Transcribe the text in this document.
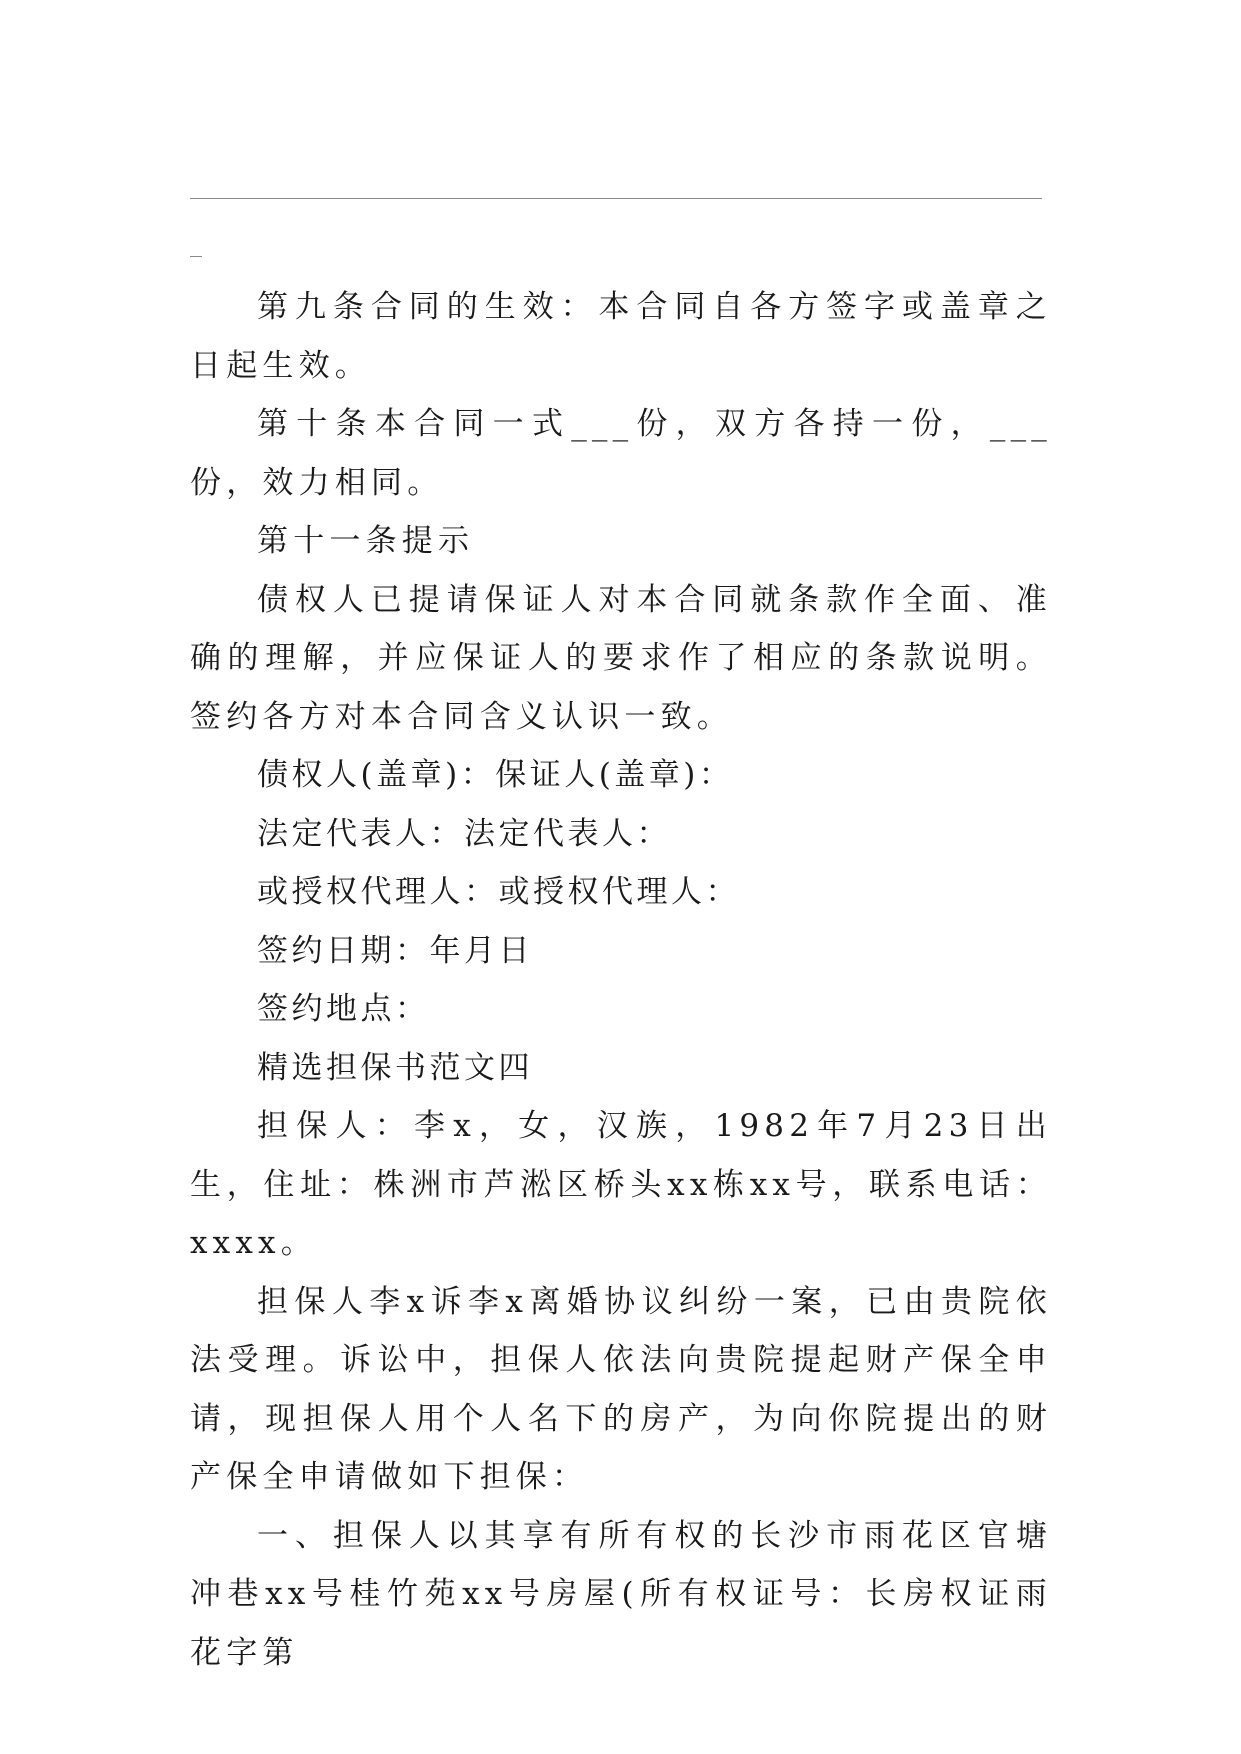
第九条合同的生效：本合同自各方签字或盖章之日起生效。

第十条本合同一式___份，双方各持一份，___份，效力相同。

第十一条提示

债权人已提请保证人对本合同就条款作全面、准确的理解，并应保证人的要求作了相应的条款说明。签约各方对本合同含义认识一致。

债权人(盖章)：保证人(盖章)：

法定代表人：法定代表人：

或授权代理人：或授权代理人：

签约日期：年月日

签约地点：

精选担保书范文四

担保人：李x，女，汉族，1982年7月23日出生，住址：株洲市芦淞区桥头xx栋xx号，联系电话：xxxx。

担保人李x诉李x离婚协议纠纷一案，已由贵院依法受理。诉讼中，担保人依法向贵院提起财产保全申请，现担保人用个人名下的房产，为向你院提出的财产保全申请做如下担保：

一、担保人以其享有所有权的长沙市雨花区官塘冲巷xx号桂竹苑xx号房屋(所有权证号：长房权证雨花字第
